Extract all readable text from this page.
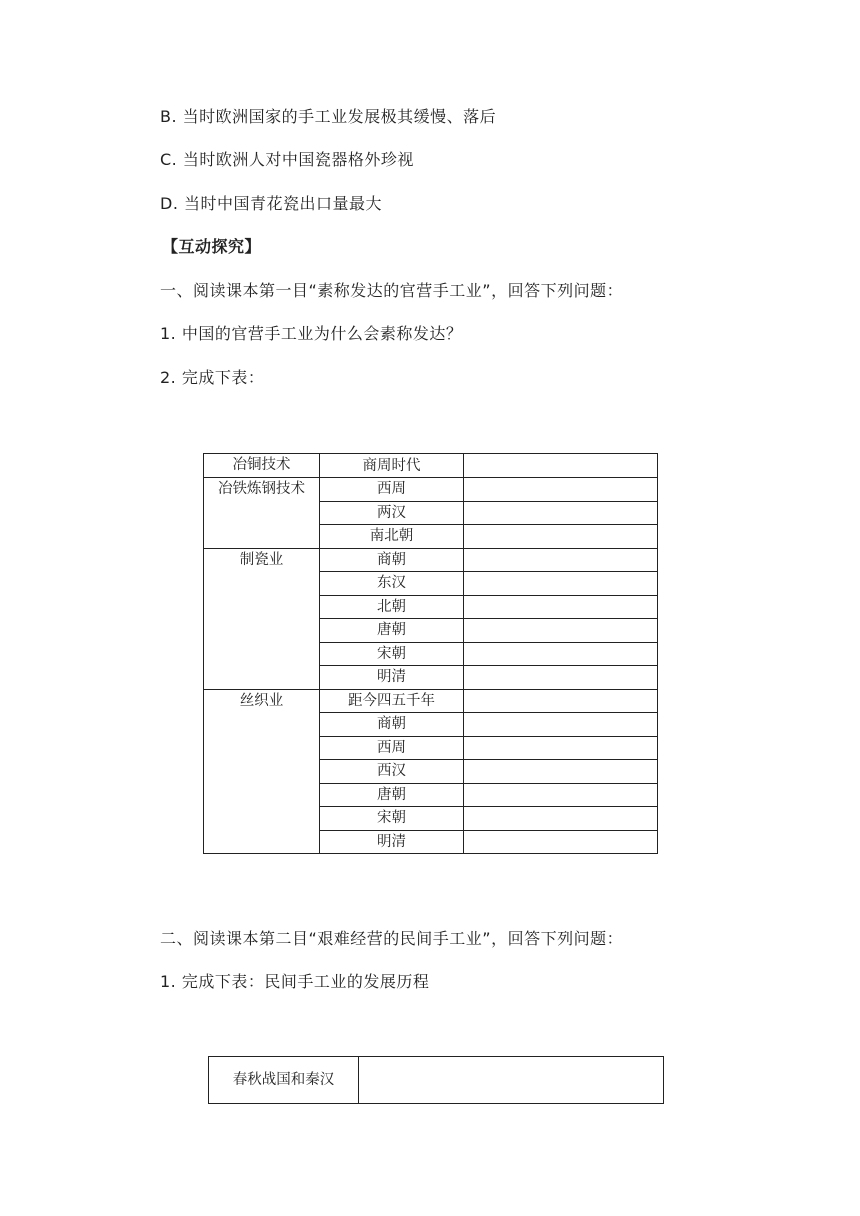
B. 当时欧洲国家的手工业发展极其缓慢、落后
C. 当时欧洲人对中国瓷器格外珍视
D. 当时中国青花瓷出口量最大
【互动探究】
一、阅读课本第一目“素称发达的官营手工业”，回答下列问题：
1. 中国的官营手工业为什么会素称发达？
2. 完成下表：
冶铜技术	商周时代	
冶铁炼钢技术	西周	
	两汉	
	南北朝	
制瓷业	商朝	
	东汉	
	北朝	
	唐朝	
	宋朝	
	明清	
丝织业	距今四五千年	
	商朝	
	西周	
	西汉	
	唐朝	
	宋朝	
	明清	
二、阅读课本第二目“艰难经营的民间手工业”，回答下列问题：
1. 完成下表：民间手工业的发展历程
春秋战国和秦汉	
